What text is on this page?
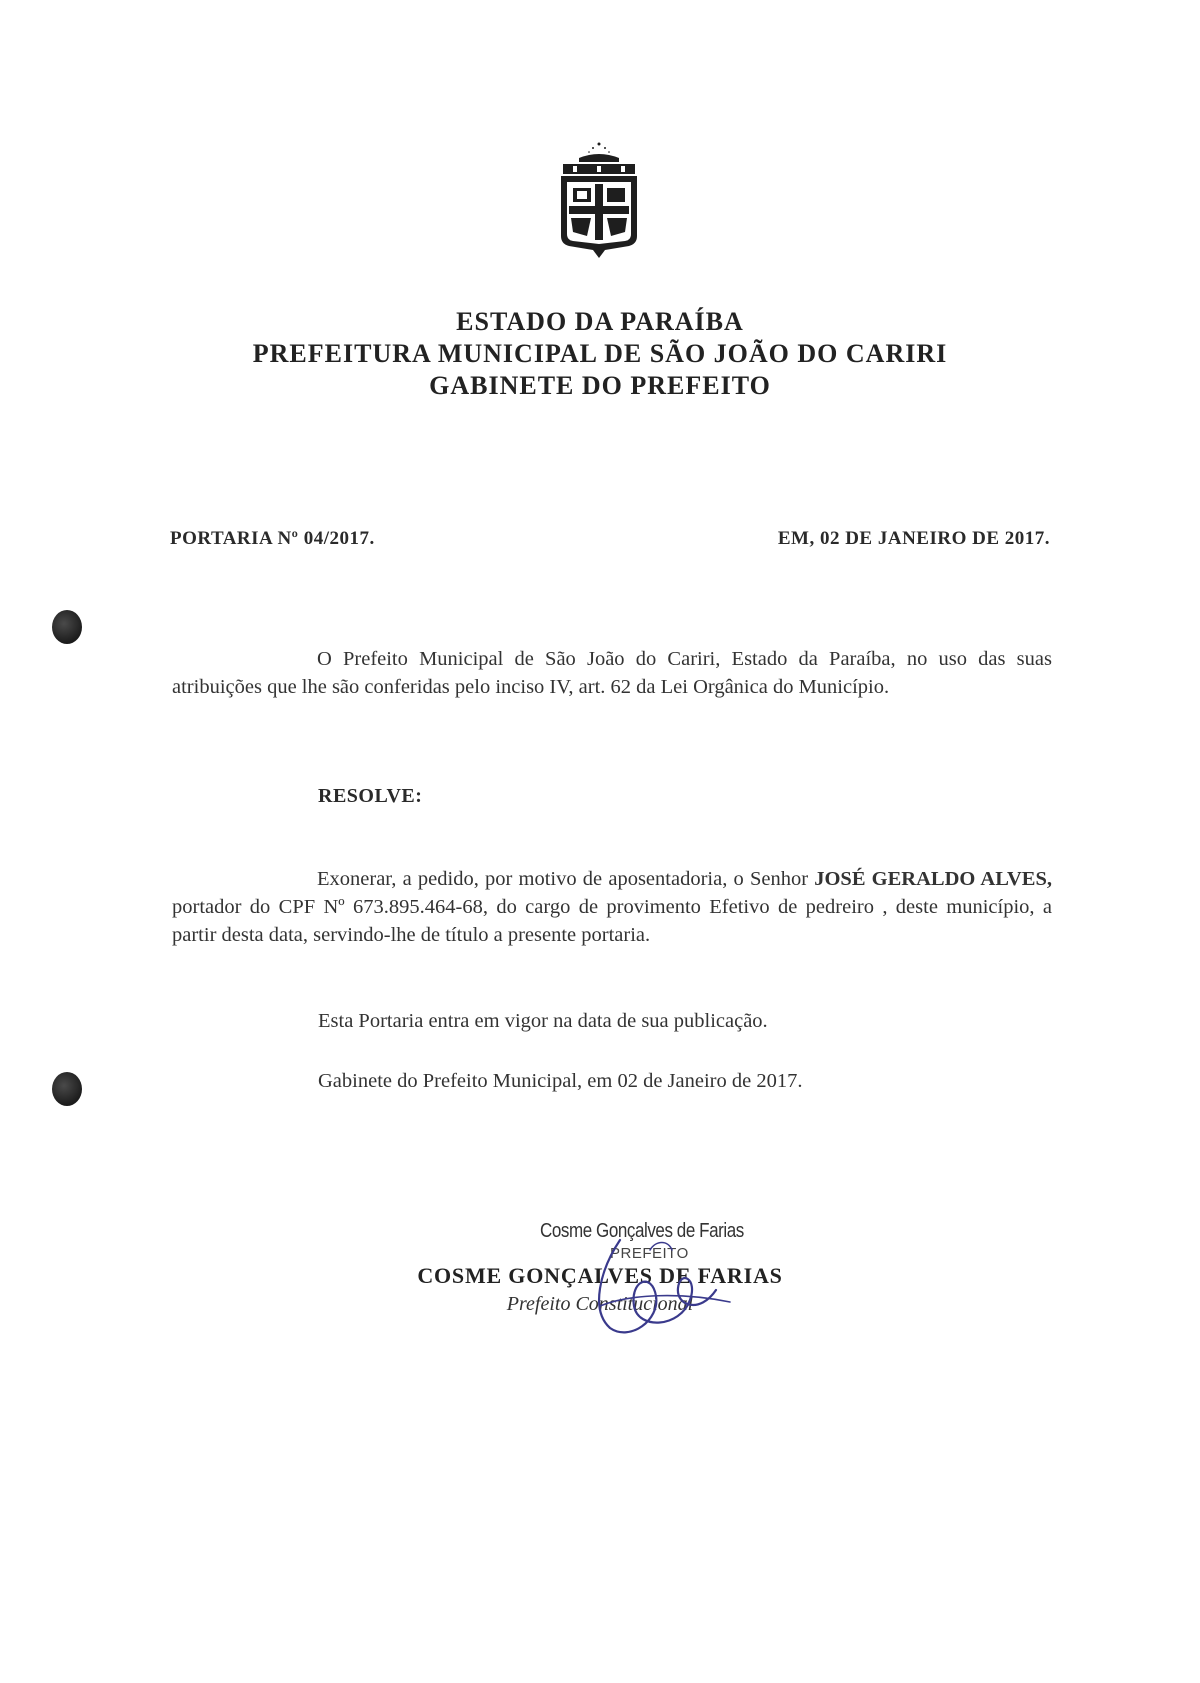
ESTADO DA PARAÍBA
PREFEITURA MUNICIPAL DE SÃO JOÃO DO CARIRI
GABINETE DO PREFEITO
PORTARIA Nº 04/2017.	EM, 02 DE JANEIRO DE 2017.
O Prefeito Municipal de São João do Cariri, Estado da Paraíba, no uso das suas atribuições que lhe são conferidas pelo inciso IV, art. 62 da Lei Orgânica do Município.
RESOLVE:
Exonerar, a pedido, por motivo de aposentadoria, o Senhor JOSÉ GERALDO ALVES, portador do CPF Nº 673.895.464-68, do cargo de provimento Efetivo de pedreiro , deste município, a partir desta data, servindo-lhe de título a presente portaria.
Esta Portaria entra em vigor na data de sua publicação.
Gabinete do Prefeito Municipal, em 02 de Janeiro de 2017.
Cosme Gonçalves de Farias
PREFEITO
COSME GONÇALVES DE FARIAS
Prefeito Constitucional
